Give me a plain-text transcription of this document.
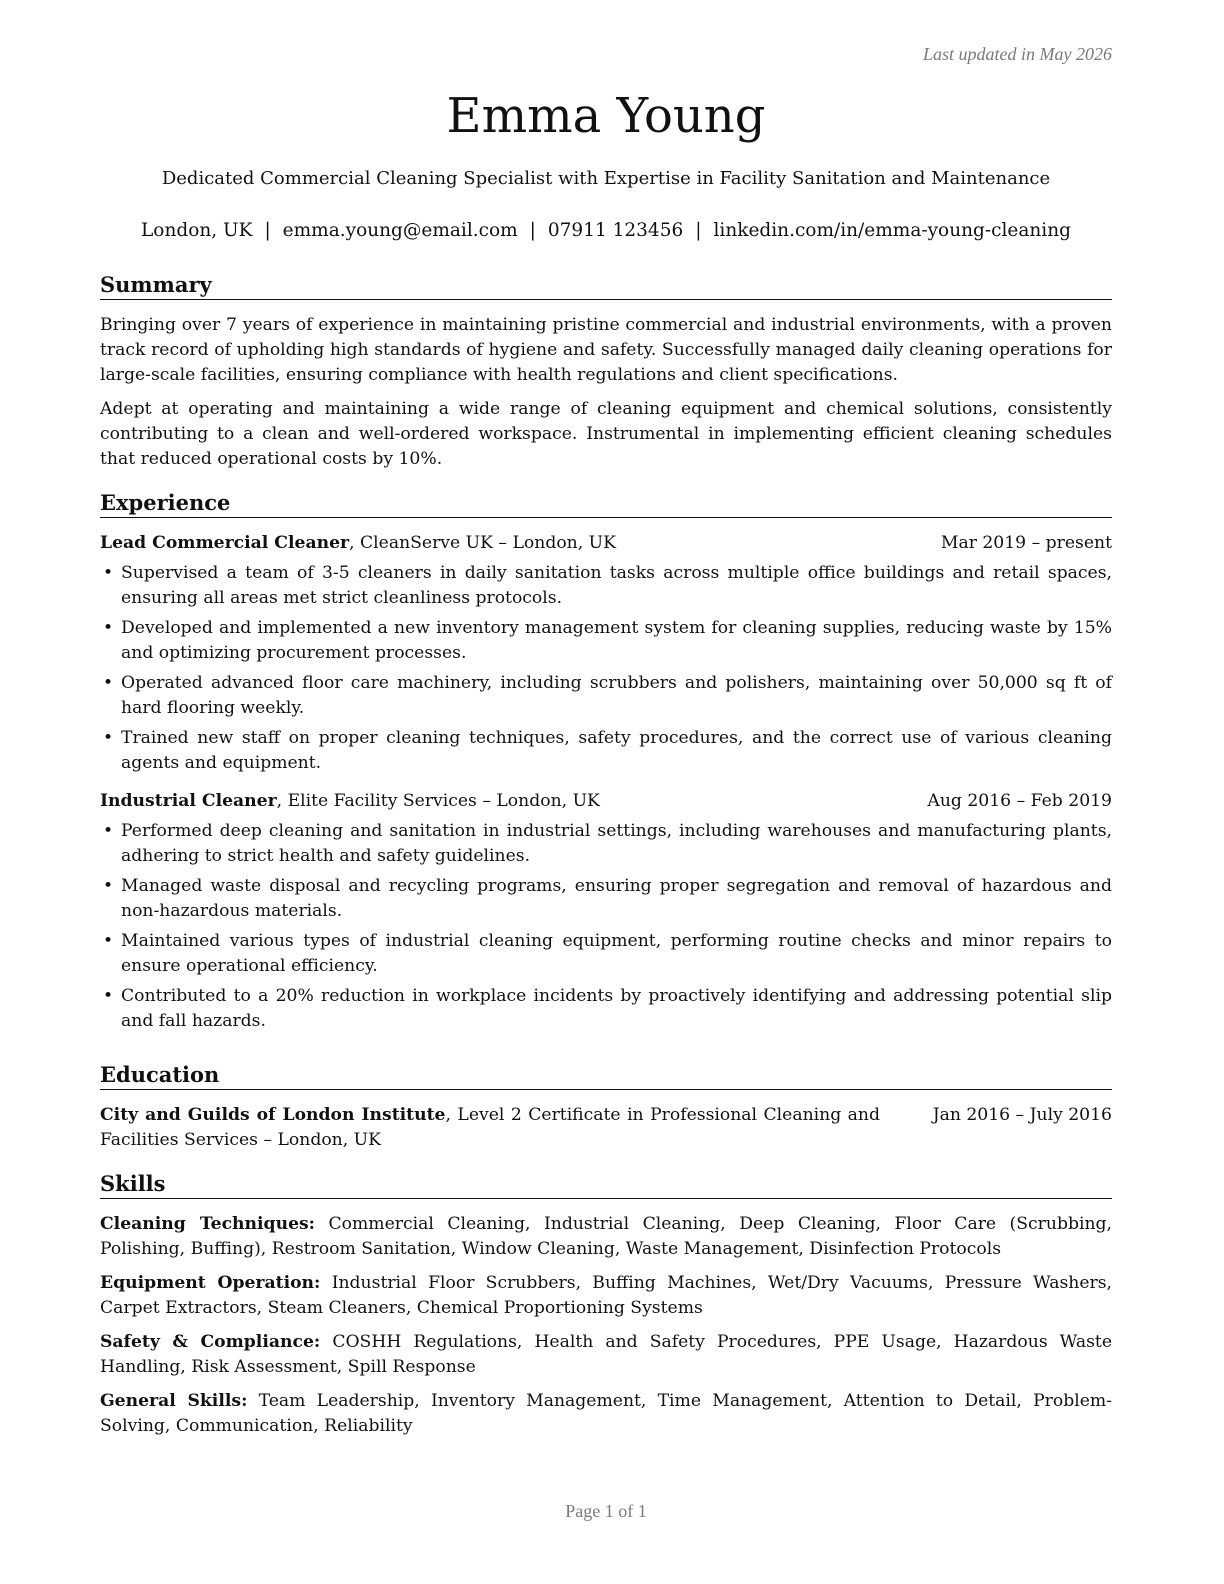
Last updated in May 2026
Emma Young
Dedicated Commercial Cleaning Specialist with Expertise in Facility Sanitation and Maintenance
London, UK | emma.young@email.com | 07911 123456 | linkedin.com/in/emma-young-cleaning
Summary

Bringing over 7 years of experience in maintaining pristine commercial and industrial environments, with a proven track record of upholding high standards of hygiene and safety. Successfully managed daily cleaning operations for large-scale facilities, ensuring compliance with health regulations and client specifications.

Adept at operating and maintaining a wide range of cleaning equipment and chemical solutions, consistently contributing to a clean and well-ordered workspace. Instrumental in implementing efficient cleaning schedules that reduced operational costs by 10%.

Experience
Lead Commercial Cleaner, CleanServe UK – London, UK	Mar 2019 – present
• Supervised a team of 3-5 cleaners in daily sanitation tasks across multiple office buildings and retail spaces, ensuring all areas met strict cleanliness protocols.
• Developed and implemented a new inventory management system for cleaning supplies, reducing waste by 15% and optimizing procurement processes.
• Operated advanced floor care machinery, including scrubbers and polishers, maintaining over 50,000 sq ft of hard flooring weekly.
• Trained new staff on proper cleaning techniques, safety procedures, and the correct use of various cleaning agents and equipment.
Industrial Cleaner, Elite Facility Services – London, UK	Aug 2016 – Feb 2019
• Performed deep cleaning and sanitation in industrial settings, including warehouses and manufacturing plants, adhering to strict health and safety guidelines.
• Managed waste disposal and recycling programs, ensuring proper segregation and removal of hazardous and non-hazardous materials.
• Maintained various types of industrial cleaning equipment, performing routine checks and minor repairs to ensure operational efficiency.
• Contributed to a 20% reduction in workplace incidents by proactively identifying and addressing potential slip and fall hazards.
Education
City and Guilds of London Institute, Level 2 Certificate in Professional Cleaning and Facilities Services – London, UK
Jan 2016 – July 2016
Skills

Cleaning Techniques: Commercial Cleaning, Industrial Cleaning, Deep Cleaning, Floor Care (Scrubbing, Polishing, Buffing), Restroom Sanitation, Window Cleaning, Waste Management, Disinfection Protocols

Equipment Operation: Industrial Floor Scrubbers, Buffing Machines, Wet/Dry Vacuums, Pressure Washers, Carpet Extractors, Steam Cleaners, Chemical Proportioning Systems

Safety & Compliance: COSHH Regulations, Health and Safety Procedures, PPE Usage, Hazardous Waste Handling, Risk Assessment, Spill Response

General Skills: Team Leadership, Inventory Management, Time Management, Attention to Detail, Problem-Solving, Communication, Reliability

Page 1 of 1
